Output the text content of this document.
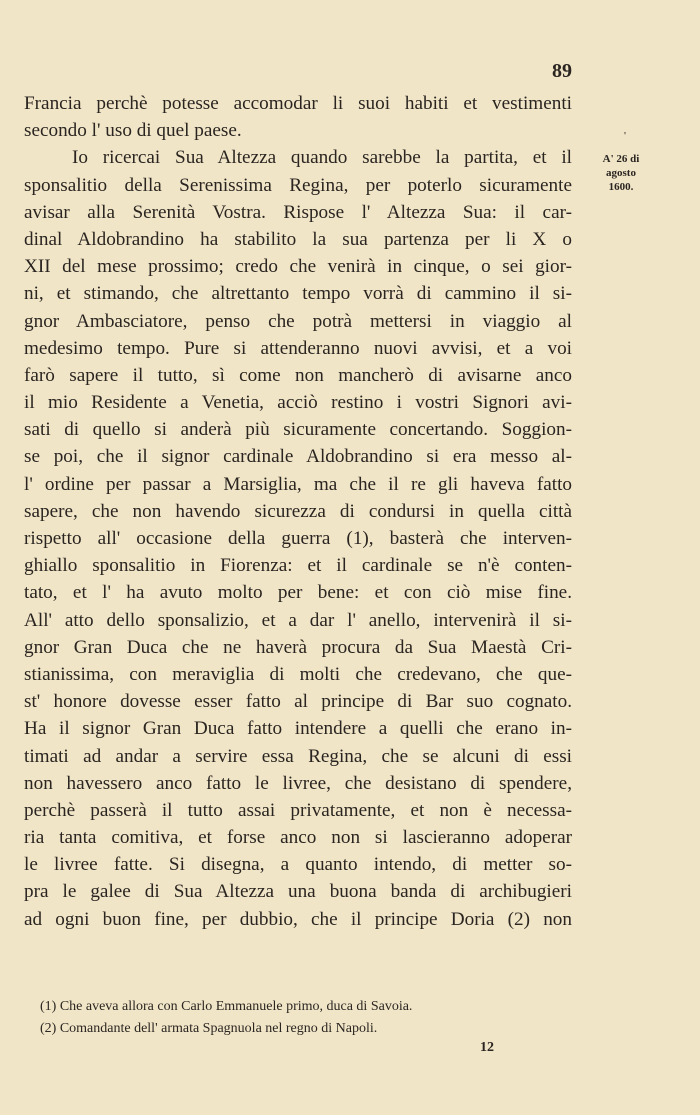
89
'
A' 26 di
agosto
1600.
Francia perchè potesse accomodar li suoi habiti et vestimenti
secondo l' uso di quel paese.
Io ricercai Sua Altezza quando sarebbe la partita, et il
sponsalitio della Serenissima Regina, per poterlo sicuramente
avisar alla Serenità Vostra. Rispose l' Altezza Sua: il car-
dinal Aldobrandino ha stabilito la sua partenza per li X o
XII del mese prossimo; credo che venirà in cinque, o sei gior-
ni, et stimando, che altrettanto tempo vorrà di cammino il si-
gnor Ambasciatore, penso che potrà mettersi in viaggio al
medesimo tempo. Pure si attenderanno nuovi avvisi, et a voi
farò sapere il tutto, sì come non mancherò di avisarne anco
il mio Residente a Venetia, acciò restino i vostri Signori avi-
sati di quello si anderà più sicuramente concertando. Soggion-
se poi, che il signor cardinale Aldobrandino si era messo al-
l' ordine per passar a Marsiglia, ma che il re gli haveva fatto
sapere, che non havendo sicurezza di condursi in quella città
rispetto all' occasione della guerra (1), basterà che interven-
ghiallo sponsalitio in Fiorenza: et il cardinale se n'è conten-
tato, et l' ha avuto molto per bene: et con ciò mise fine.
All' atto dello sponsalizio, et a dar l' anello, intervenirà il si-
gnor Gran Duca che ne haverà procura da Sua Maestà Cri-
stianissima, con meraviglia di molti che credevano, che que-
st' honore dovesse esser fatto al principe di Bar suo cognato.
Ha il signor Gran Duca fatto intendere a quelli che erano in-
timati ad andar a servire essa Regina, che se alcuni di essi
non havessero anco fatto le livree, che desistano di spendere,
perchè passerà il tutto assai privatamente, et non è necessa-
ria tanta comitiva, et forse anco non si lascieranno adoperar
le livree fatte. Si disegna, a quanto intendo, di metter so-
pra le galee di Sua Altezza una buona banda di archibugieri
ad ogni buon fine, per dubbio, che il principe Doria (2) non
(1) Che aveva allora con Carlo Emmanuele primo, duca di Savoia.
(2) Comandante dell' armata Spagnuola nel regno di Napoli.
12
